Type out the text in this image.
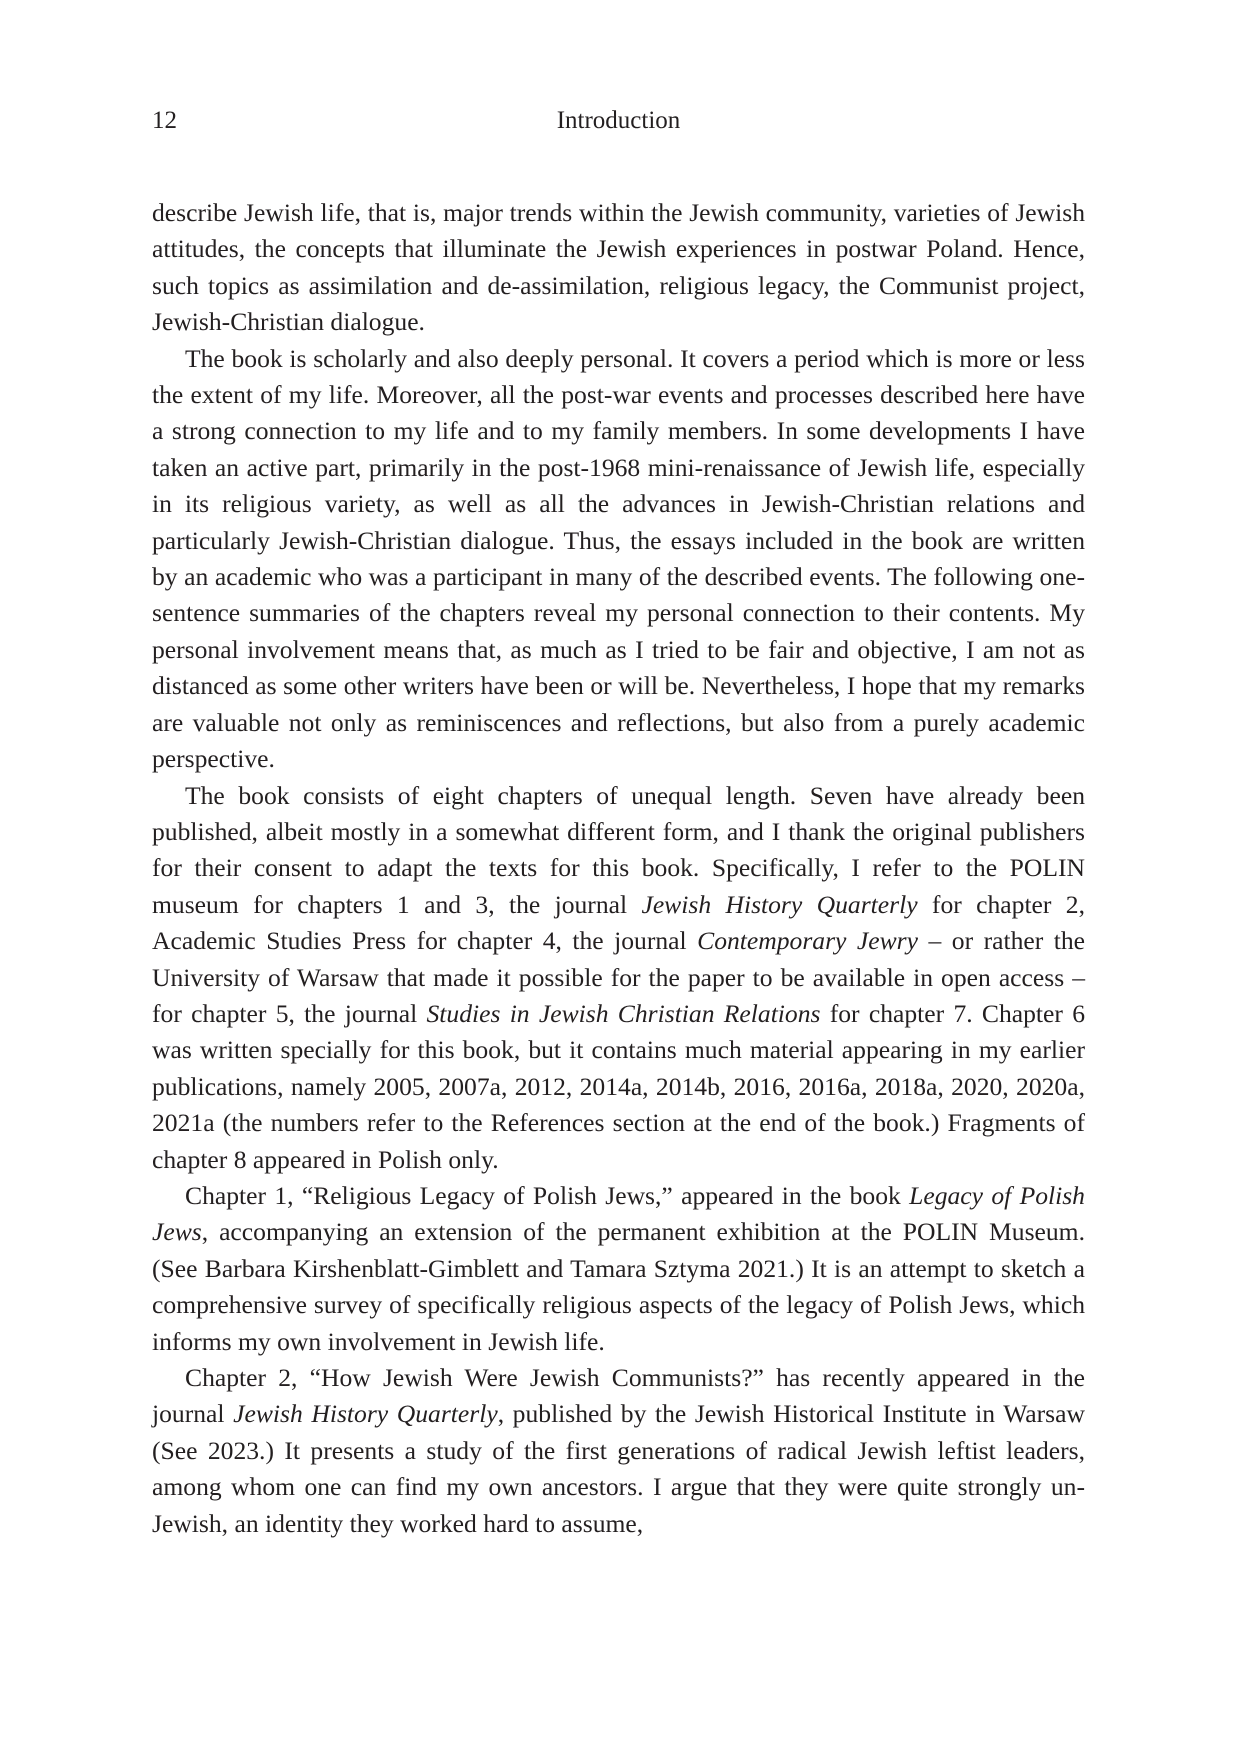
12	Introduction

describe Jewish life, that is, major trends within the Jewish community, varieties of Jewish attitudes, the concepts that illuminate the Jewish experiences in postwar Poland. Hence, such topics as assimilation and de-assimilation, religious legacy, the Communist project, Jewish-Christian dialogue.

The book is scholarly and also deeply personal. It covers a period which is more or less the extent of my life. Moreover, all the post-war events and processes described here have a strong connection to my life and to my family members. In some developments I have taken an active part, primarily in the post-1968 mini-renaissance of Jewish life, especially in its religious variety, as well as all the advances in Jewish-Christian relations and particularly Jewish-Christian dialogue. Thus, the essays included in the book are written by an academic who was a participant in many of the described events. The following one-sentence summaries of the chapters reveal my personal connection to their contents. My personal involvement means that, as much as I tried to be fair and objective, I am not as distanced as some other writers have been or will be. Nevertheless, I hope that my remarks are valuable not only as reminiscences and reflections, but also from a purely academic perspective.

The book consists of eight chapters of unequal length. Seven have already been published, albeit mostly in a somewhat different form, and I thank the original publishers for their consent to adapt the texts for this book. Specifically, I refer to the POLIN museum for chapters 1 and 3, the journal Jewish History Quarterly for chapter 2, Academic Studies Press for chapter 4, the journal Contemporary Jewry – or rather the University of Warsaw that made it possible for the paper to be available in open access – for chapter 5, the journal Studies in Jewish Christian Relations for chapter 7. Chapter 6 was written specially for this book, but it contains much material appearing in my earlier publications, namely 2005, 2007a, 2012, 2014a, 2014b, 2016, 2016a, 2018a, 2020, 2020a, 2021a (the numbers refer to the References section at the end of the book.) Fragments of chapter 8 appeared in Polish only.

Chapter 1, “Religious Legacy of Polish Jews,” appeared in the book Legacy of Polish Jews, accompanying an extension of the permanent exhibition at the POLIN Museum. (See Barbara Kirshenblatt-Gimblett and Tamara Sztyma 2021.) It is an attempt to sketch a comprehensive survey of specifically religious aspects of the legacy of Polish Jews, which informs my own involvement in Jewish life.

Chapter 2, “How Jewish Were Jewish Communists?” has recently appeared in the journal Jewish History Quarterly, published by the Jewish Historical Institute in Warsaw (See 2023.) It presents a study of the first generations of radical Jewish leftist leaders, among whom one can find my own ancestors. I argue that they were quite strongly un-Jewish, an identity they worked hard to assume,
